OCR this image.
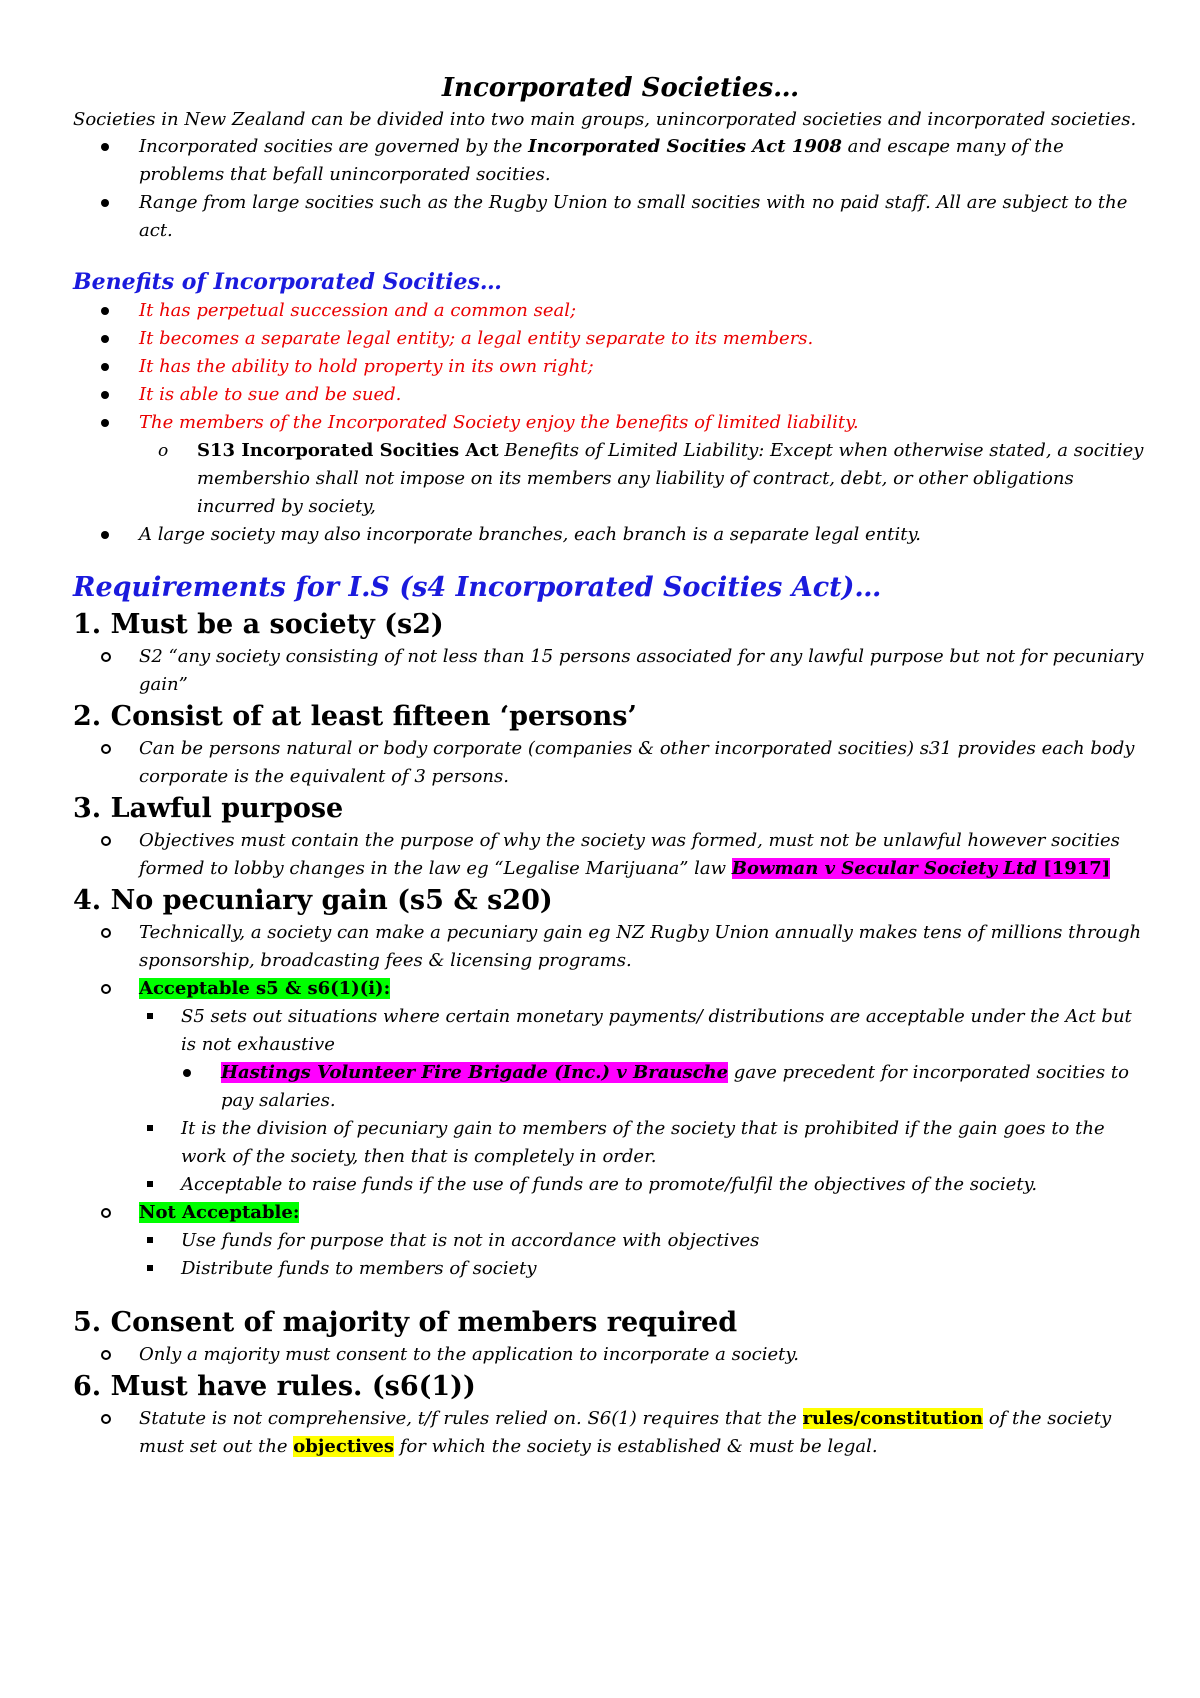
Incorporated Societies…

Societies in New Zealand can be divided into two main groups, unincorporated societies and incorporated societies.

Incorporated socities are governed by the Incorporated Socities Act 1908 and escape many of the problems that befall unincorporated socities.
Range from large socities such as the Rugby Union to small socities with no paid staff. All are subject to the act.

Benefits of Incorporated Socities…

It has perpetual succession and a common seal;
It becomes a separate legal entity; a legal entity separate to its members.
It has the ability to hold property in its own right;
It is able to sue and be sued.
The members of the Incorporated Society enjoy the benefits of limited liability.
o S13 Incorporated Socities Act Benefits of Limited Liability: Except when otherwise stated, a socitiey membershio shall not impose on its members any liability of contract, debt, or other obligations incurred by society,
A large society may also incorporate branches, each branch is a separate legal entity.

Requirements for I.S (s4 Incorporated Socities Act)…

1. Must be a society (s2)

S2 “any society consisting of not less than 15 persons associated for any lawful purpose but not for pecuniary gain”

2. Consist of at least fifteen ‘persons’

Can be persons natural or body corporate (companies & other incorporated socities) s31 provides each body corporate is the equivalent of 3 persons.

3. Lawful purpose

Objectives must contain the purpose of why the society was formed, must not be unlawful however socities formed to lobby changes in the law eg “Legalise Marijuana” law Bowman v Secular Society Ltd [1917]

4. No pecuniary gain (s5 & s20)

Technically, a society can make a pecuniary gain eg NZ Rugby Union annually makes tens of millions through sponsorship, broadcasting fees & licensing programs.
Acceptable s5 & s6(1)(i):
S5 sets out situations where certain monetary payments/ distributions are acceptable under the Act but is not exhaustive
Hastings Volunteer Fire Brigade (Inc.) v Brausche gave precedent for incorporated socities to pay salaries.
It is the division of pecuniary gain to members of the society that is prohibited if the gain goes to the work of the society, then that is completely in order.
Acceptable to raise funds if the use of funds are to promote/fulfil the objectives of the society.
Not Acceptable:
Use funds for purpose that is not in accordance with objectives
Distribute funds to members of society

5. Consent of majority of members required

Only a majority must consent to the application to incorporate a society.

6. Must have rules. (s6(1))

Statute is not comprehensive, t/f rules relied on. S6(1) requires that the rules/constitution of the society must set out the objectives for which the society is established & must be legal.
